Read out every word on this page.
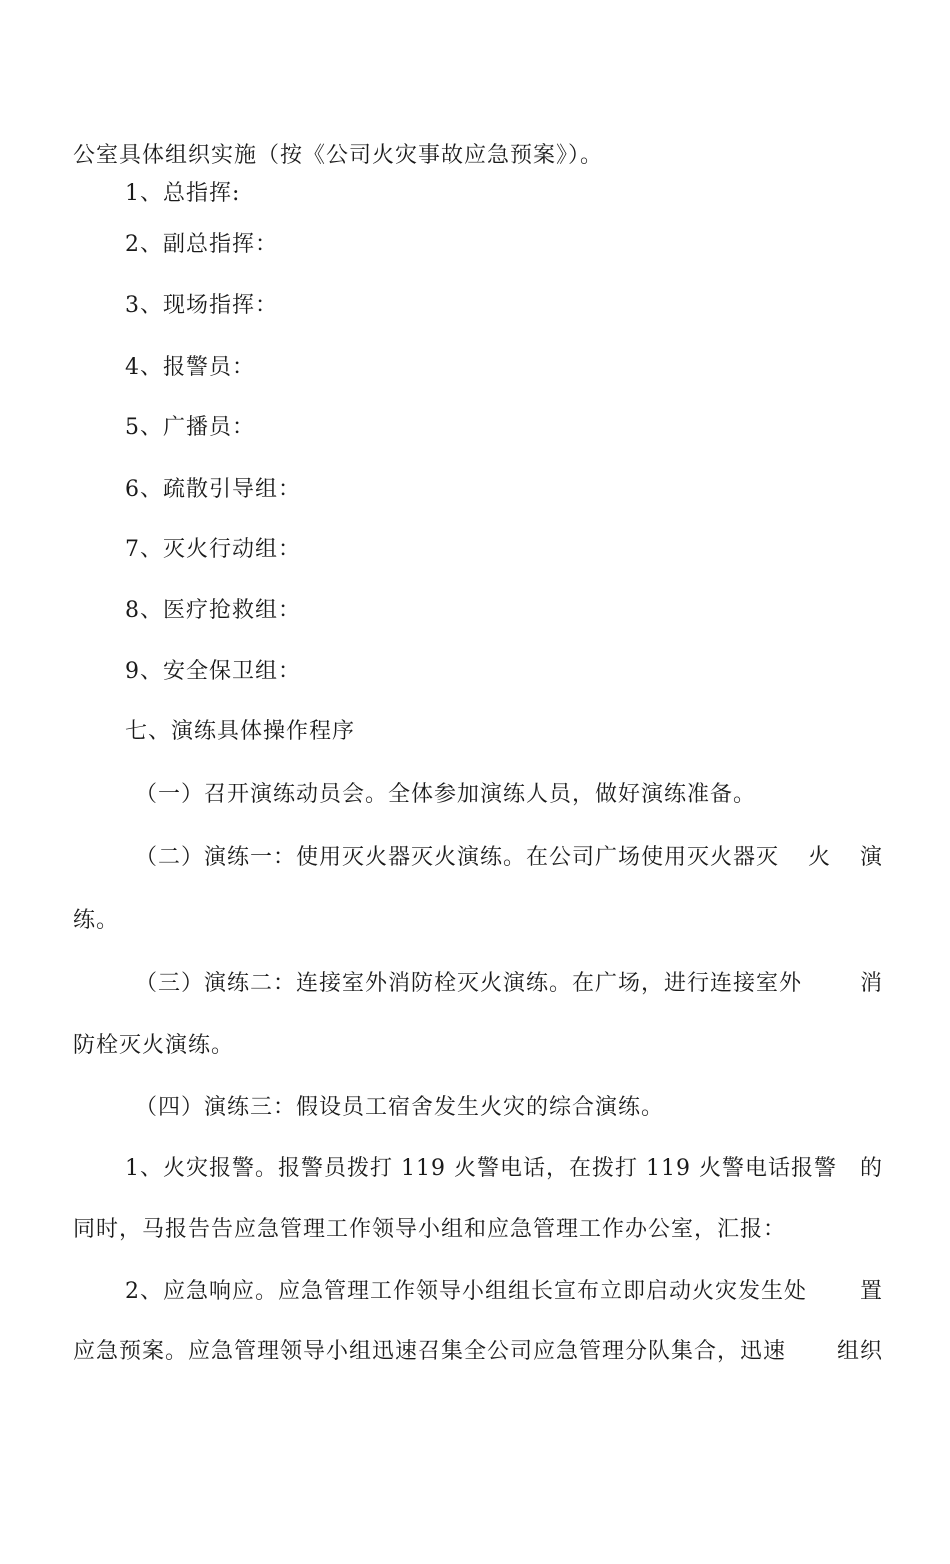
公室具体组织实施（按《公司火灾事故应急预案》）。
1、总指挥:
2、副总指挥：
3、现场指挥：
4、报警员：
5、广播员：
6、疏散引导组：
7、灭火行动组：
8、医疗抢救组：
9、安全保卫组：
七、演练具体操作程序
（一）召开演练动员会。全体参加演练人员，做好演练准备。
（二）演练一：使用灭火器灭火演练。在公司广场使用灭火器灭 火 演
练。
（三）演练二：连接室外消防栓灭火演练。在广场，进行连接室外	消
防栓灭火演练。
（四）演练三：假设员工宿舍发生火灾的综合演练。
1、火灾报警。报警员拨打 119 火警电话，在拨打 119 火警电话报警 的
同时，马报告告应急管理工作领导小组和应急管理工作办公室，汇报：
2、应急响应。应急管理工作领导小组组长宣布立即启动火灾发生处 置
应急预案。应急管理领导小组迅速召集全公司应急管理分队集合，迅速 组织
